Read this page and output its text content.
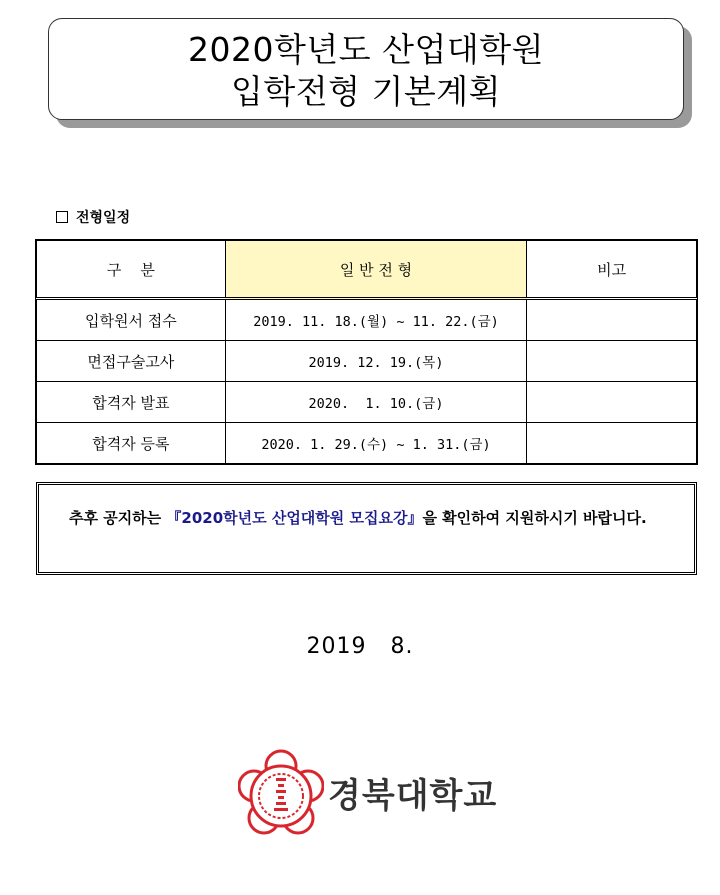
2020학년도 산업대학원
입학전형 기본계획
전형일정
구    분	일 반 전 형	비고
입학원서 접수	2019. 11. 18.(월) ~ 11. 22.(금)	
면접구술고사	2019. 12. 19.(목)	
합격자 발표	2020.  1. 10.(금)	
합격자 등록	2020. 1. 29.(수) ~ 1. 31.(금)	
추후 공지하는 『2020학년도 산업대학원 모집요강』을 확인하여 지원하시기 바랍니다.
2019   8.
경북대학교
